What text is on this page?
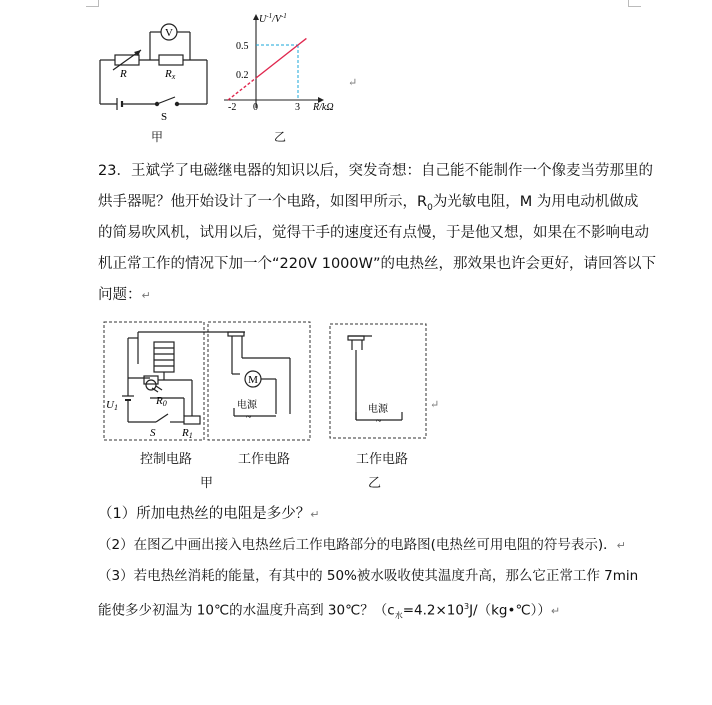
V
R	Rx
S
甲
$U^{-1}/V^{-1}$
0.5
0.2
-2 0	3 R/kΩ
↵
乙
23．王斌学了电磁继电器的知识以后，突发奇想：自己能不能制作一个像麦当劳那里的
烘手器呢？他开始设计了一个电路，如图甲所示，$R_0$为光敏电阻，M 为用电动机做成
的简易吹风机，试用以后，觉得干手的速度还有点慢，于是他又想，如果在不影响电动
机正常工作的情况下加一个“220V 1000W”的电热丝，那效果也许会更好，请回答以下
问题：↵
M
U1
R0
S R1
电源
~
控制电路	工作电路
甲
电源
~
↵
工作电路
乙
（1）所加电热丝的电阻是多少？↵
（2）在图乙中画出接入电热丝后工作电路部分的电路图(电热丝可用电阻的符号表示)．↵
（3）若电热丝消耗的能量，有其中的 50%被水吸收使其温度升高，那么它正常工作 7min
能使多少初温为 10℃的水温度升高到 30℃？$(c_水=4.2\times 10^3J/(kg•℃))↵$
